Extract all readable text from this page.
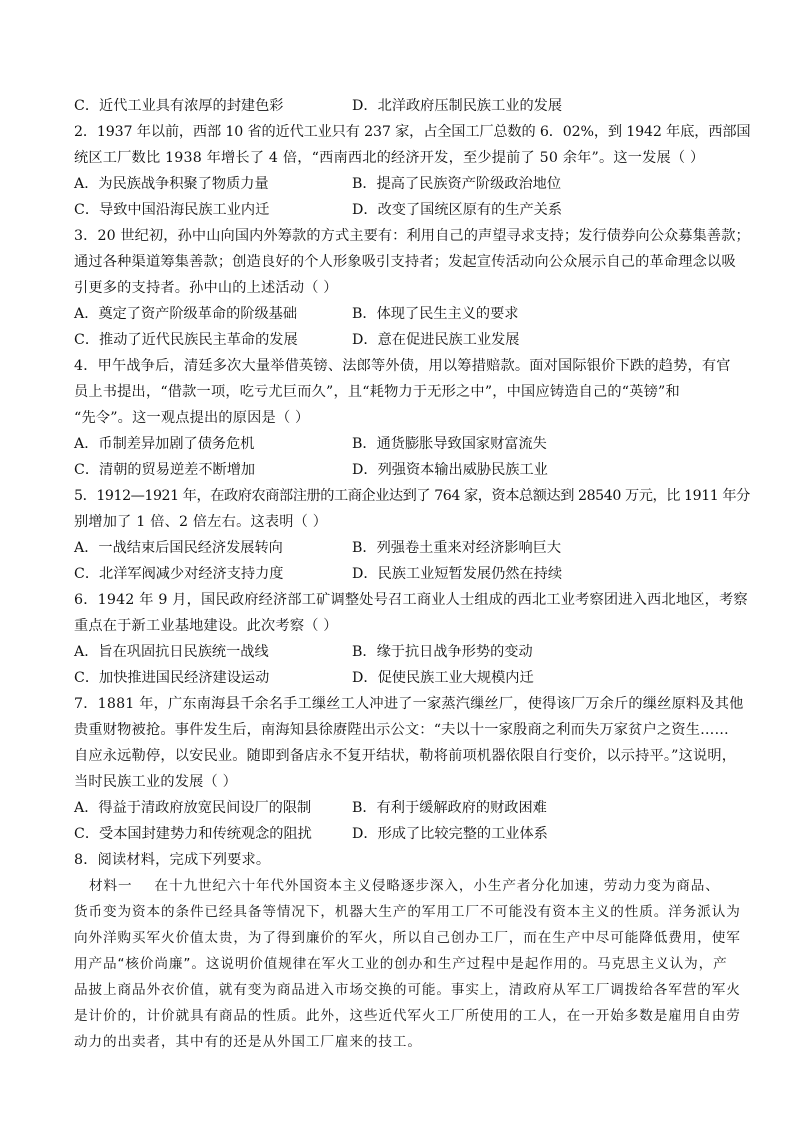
C．近代工业具有浓厚的封建色彩	D．北洋政府压制民族工业的发展
2．1937 年以前，西部 10 省的近代工业只有 237 家，占全国工厂总数的 6．02%，到 1942 年底，西部国
统区工厂数比 1938 年增长了 4 倍，“西南西北的经济开发，至少提前了 50 余年”。这一发展（ ）
A．为民族战争积聚了物质力量	B．提高了民族资产阶级政治地位
C．导致中国沿海民族工业内迁	D．改变了国统区原有的生产关系
3．20 世纪初，孙中山向国内外筹款的方式主要有：利用自己的声望寻求支持；发行债券向公众募集善款；
通过各种渠道筹集善款；创造良好的个人形象吸引支持者；发起宣传活动向公众展示自己的革命理念以吸
引更多的支持者。孙中山的上述活动（ ）
A．奠定了资产阶级革命的阶级基础	B．体现了民生主义的要求
C．推动了近代民族民主革命的发展	D．意在促进民族工业发展
4．甲午战争后，清廷多次大量举借英镑、法郎等外债，用以筹措赔款。面对国际银价下跌的趋势，有官
员上书提出，“借款一项，吃亏尤巨而久”，且“耗物力于无形之中”，中国应铸造自己的“英镑”和
“先令”。这一观点提出的原因是（ ）
A．币制差异加剧了债务危机	B．通货膨胀导致国家财富流失
C．清朝的贸易逆差不断增加	D．列强资本输出威胁民族工业
5．1912—1921 年，在政府农商部注册的工商企业达到了 764 家，资本总额达到 28540 万元，比 1911 年分
别增加了 1 倍、2 倍左右。这表明（ ）
A．一战结束后国民经济发展转向	B．列强卷土重来对经济影响巨大
C．北洋军阀减少对经济支持力度	D．民族工业短暂发展仍然在持续
6．1942 年 9 月，国民政府经济部工矿调整处号召工商业人士组成的西北工业考察团进入西北地区，考察
重点在于新工业基地建设。此次考察（ ）
A．旨在巩固抗日民族统一战线	B．缘于抗日战争形势的变动
C．加快推进国民经济建设运动	D．促使民族工业大规模内迁
7．1881 年，广东南海县千余名手工缫丝工人冲进了一家蒸汽缫丝厂，使得该厂万余斤的缫丝原料及其他
贵重财物被抢。事件发生后，南海知县徐赓陛出示公文：“夫以十一家殷商之利而失万家贫户之资生……
自应永远勒停，以安民业。随即到备店永不复开结状，勒将前项机器依限自行变价，以示持平。”这说明，
当时民族工业的发展（ ）
A．得益于清政府放宽民间设厂的限制	B．有利于缓解政府的财政困难
C．受本国封建势力和传统观念的阻扰	D．形成了比较完整的工业体系
8．阅读材料，完成下列要求。
材料一 在十九世纪六十年代外国资本主义侵略逐步深入，小生产者分化加速，劳动力变为商品、
货币变为资本的条件已经具备等情况下，机器大生产的军用工厂不可能没有资本主义的性质。洋务派认为
向外洋购买军火价值太贵，为了得到廉价的军火，所以自己创办工厂，而在生产中尽可能降低费用，使军
用产品“核价尚廉”。这说明价值规律在军火工业的创办和生产过程中是起作用的。马克思主义认为，产
品披上商品外衣价值，就有变为商品进入市场交换的可能。事实上，清政府从军工厂调拨给各军营的军火
是计价的，计价就具有商品的性质。此外，这些近代军火工厂所使用的工人，在一开始多数是雇用自由劳
动力的出卖者，其中有的还是从外国工厂雇来的技工。
